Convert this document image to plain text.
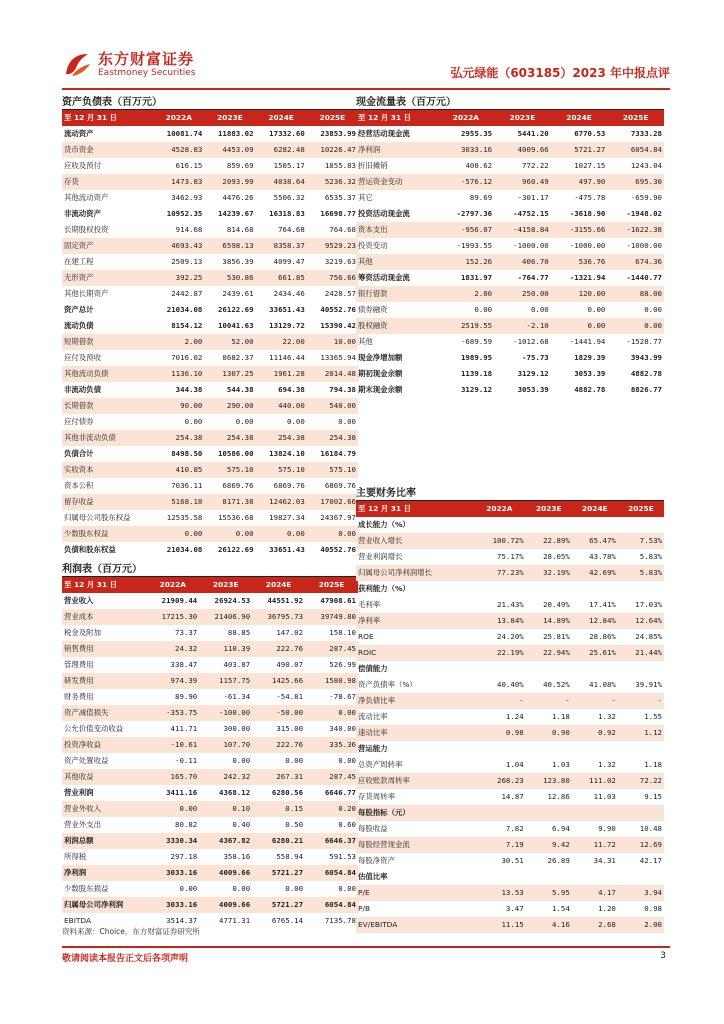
东方财富证券
Eastmoney Securities	弘元绿能（603185）2023 年中报点评
资产负债表（百万元）
至 12 月 31 日	2022A	2023E	2024E	2025E
流动资产	10081.74	11883.02	17332.60	23853.99
货币资金	4528.83	4453.09	6282.48	10226.47
应收及预付	616.15	859.69	1505.17	1855.83
存货	1473.83	2093.99	4038.64	5236.32
其他流动资产	3462.93	4476.26	5506.32	6535.37
非流动资产	10952.35	14239.67	16318.83	16698.77
长期股权投资	914.68	814.68	764.68	764.68
固定资产	4693.43	6598.13	8358.37	9529.23
在建工程	2509.13	3856.39	4099.47	3219.63
无形资产	392.25	530.86	661.85	756.66
其他长期资产	2442.87	2439.61	2434.46	2428.57
资产总计	21034.08	26122.69	33651.43	40552.76
流动负债	8154.12	10041.63	13129.72	15390.42
短期借款	2.00	52.00	22.00	10.00
应付及预收	7016.02	8682.37	11146.44	13365.94
其他流动负债	1136.10	1307.25	1961.28	2014.48
非流动负债	344.38	544.38	694.38	794.38
长期借款	90.00	290.00	440.00	540.00
应付债券	0.00	0.00	0.00	0.00
其他非流动负债	254.38	254.38	254.38	254.38
负债合计	8498.50	10586.00	13824.10	16184.79
实收资本	410.85	575.10	575.10	575.10
资本公积	7036.11	6869.76	6869.76	6869.76
留存收益	5168.18	8171.38	12462.03	17002.66
归属母公司股东权益	12535.58	15536.68	19827.34	24367.97
少数股东权益	0.00	0.00	0.00	0.00
负债和股东权益	21034.08	26122.69	33651.43	40552.76
利润表（百万元）
至 12 月 31 日	2022A	2023E	2024E	2025E
营业收入	21909.44	26924.53	44551.92	47908.61
营业成本	17215.30	21406.90	36795.73	39749.80
税金及附加	73.37	88.85	147.02	158.10
销售费用	24.32	110.39	222.76	287.45
管理费用	338.47	403.87	490.07	526.99
研发费用	974.39	1157.75	1425.66	1580.98
财务费用	89.90	-61.34	-54.81	-78.67
资产减值损失	-353.75	-100.00	-50.00	0.00
公允价值变动收益	411.71	300.00	315.00	340.00
投资净收益	-10.61	107.70	222.76	335.36
资产处置收益	-0.11	0.00	0.00	0.00
其他收益	165.70	242.32	267.31	287.45
营业利润	3411.16	4368.12	6280.56	6646.77
营业外收入	0.00	0.10	0.15	0.20
营业外支出	80.82	0.40	0.50	0.60
利润总额	3330.34	4367.82	6280.21	6646.37
所得税	297.18	358.16	558.94	591.53
净利润	3033.16	4009.66	5721.27	6054.84
少数股东损益	0.00	0.00	0.00	0.00
归属母公司净利润	3033.16	4009.66	5721.27	6054.84
EBITDA	3514.37	4771.31	6765.14	7135.78
现金流量表（百万元）
至 12 月 31 日	2022A	2023E	2024E	2025E
经营活动现金流	2955.35	5441.20	6770.53	7333.28
净利润	3033.16	4009.66	5721.27	6054.84
折旧摊销	408.62	772.22	1027.15	1243.04
营运资金变动	-576.12	960.49	497.90	695.30
其它	89.69	-301.17	-475.78	-659.90
投资活动现金流	-2797.36	-4752.15	-3618.90	-1948.02
资本支出	-956.07	-4158.84	-3155.66	-1622.38
投资变动	-1993.55	-1000.00	-1000.00	-1000.00
其他	152.26	406.70	536.76	674.36
筹资活动现金流	1831.97	-764.77	-1321.94	-1440.77
银行借款	2.00	250.00	120.00	88.00
债券融资	0.00	0.00	0.00	0.00
股权融资	2519.55	-2.10	0.00	0.00
其他	-689.59	-1012.68	-1441.94	-1528.77
现金净增加额	1989.95	-75.73	1829.39	3943.99
期初现金余额	1139.18	3129.12	3053.39	4882.78
期末现金余额	3129.12	3053.39	4882.78	8826.77
主要财务比率
至 12 月 31 日	2022A	2023E	2024E	2025E
成长能力（%）				
营业收入增长	100.72%	22.89%	65.47%	7.53%
营业利润增长	75.17%	28.05%	43.78%	5.83%
归属母公司净利润增长	77.23%	32.19%	42.69%	5.83%
获利能力（%）				
毛利率	21.43%	20.49%	17.41%	17.03%
净利率	13.84%	14.89%	12.84%	12.64%
ROE	24.20%	25.81%	28.86%	24.85%
ROIC	22.19%	22.94%	25.61%	21.44%
偿债能力				
资产负债率（%）	40.40%	40.52%	41.08%	39.91%
净负债比率	-	-	-	-
流动比率	1.24	1.18	1.32	1.55
速动比率	0.98	0.90	0.92	1.12
营运能力				
总资产周转率	1.04	1.03	1.32	1.18
应收账款周转率	268.23	123.80	111.02	72.22
存货周转率	14.87	12.86	11.03	9.15
每股指标（元）				
每股收益	7.82	6.94	9.90	10.48
每股经营现金流	7.19	9.42	11.72	12.69
每股净资产	30.51	26.89	34.31	42.17
估值比率				
P/E	13.53	5.95	4.17	3.94
P/B	3.47	1.54	1.20	0.98
EV/EBITDA	11.15	4.16	2.68	2.00
资料来源：Choice，东方财富证券研究所
敬请阅读本报告正文后各项声明	3
